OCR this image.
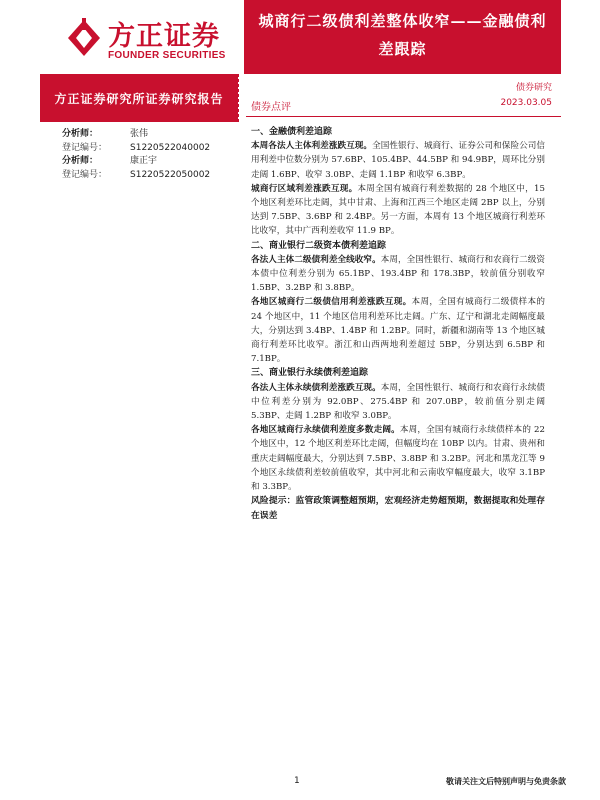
方正证券
FOUNDER SECURITIES
城商行二级债利差整体收窄——金融债利
差跟踪
方正证券研究所证券研究报告
债券研究
债券点评	2023.03.05
分析师：	张伟
登记编号：	S1220522040002
分析师：	康正宇
登记编号：	S1220522050002
一、金融债利差追踪

本周各法人主体利差涨跌互现。全国性银行、城商行、证券公司和保险公司信用利差中位数分别为 57.6BP、105.4BP、44.5BP 和 94.9BP，周环比分别走阔 1.6BP、收窄 3.0BP、走阔 1.1BP 和收窄 6.3BP。

城商行区域利差涨跌互现。本周全国有城商行利差数据的 28 个地区中，15 个地区利差环比走阔，其中甘肃、上海和江西三个地区走阔 2BP 以上，分别达到 7.5BP、3.6BP 和 2.4BP。另一方面，本周有 13 个地区城商行利差环比收窄，其中广西利差收窄 11.9 BP。

二、商业银行二级资本债利差追踪

各法人主体二级债利差全线收窄。本周，全国性银行、城商行和农商行二级资本债中位利差分别为 65.1BP、193.4BP 和 178.3BP，较前值分别收窄 1.5BP、3.2BP 和 3.8BP。

各地区城商行二级债信用利差涨跌互现。本周，全国有城商行二级债样本的 24 个地区中，11 个地区信用利差环比走阔。广东、辽宁和湖北走阔幅度最大，分别达到 3.4BP、1.4BP 和 1.2BP。同时，新疆和湖南等 13 个地区城商行利差环比收窄。浙江和山西两地利差超过 5BP，分别达到 6.5BP 和 7.1BP。

三、商业银行永续债利差追踪

各法人主体永续债利差涨跌互现。本周，全国性银行、城商行和农商行永续债中位利差分别为 92.0BP、275.4BP 和 207.0BP，较前值分别走阔 5.3BP、走阔 1.2BP 和收窄 3.0BP。

各地区城商行永续债利差度多数走阔。本周，全国有城商行永续债样本的 22 个地区中，12 个地区利差环比走阔，但幅度均在 10BP 以内。甘肃、贵州和重庆走阔幅度最大，分别达到 7.5BP、3.8BP 和 3.2BP。河北和黑龙江等 9 个地区永续债利差较前值收窄，其中河北和云南收窄幅度最大，收窄 3.1BP 和 3.3BP。

风险提示：监管政策调整超预期，宏观经济走势超预期，数据提取和处理存在误差

1	敬请关注文后特别声明与免责条款
